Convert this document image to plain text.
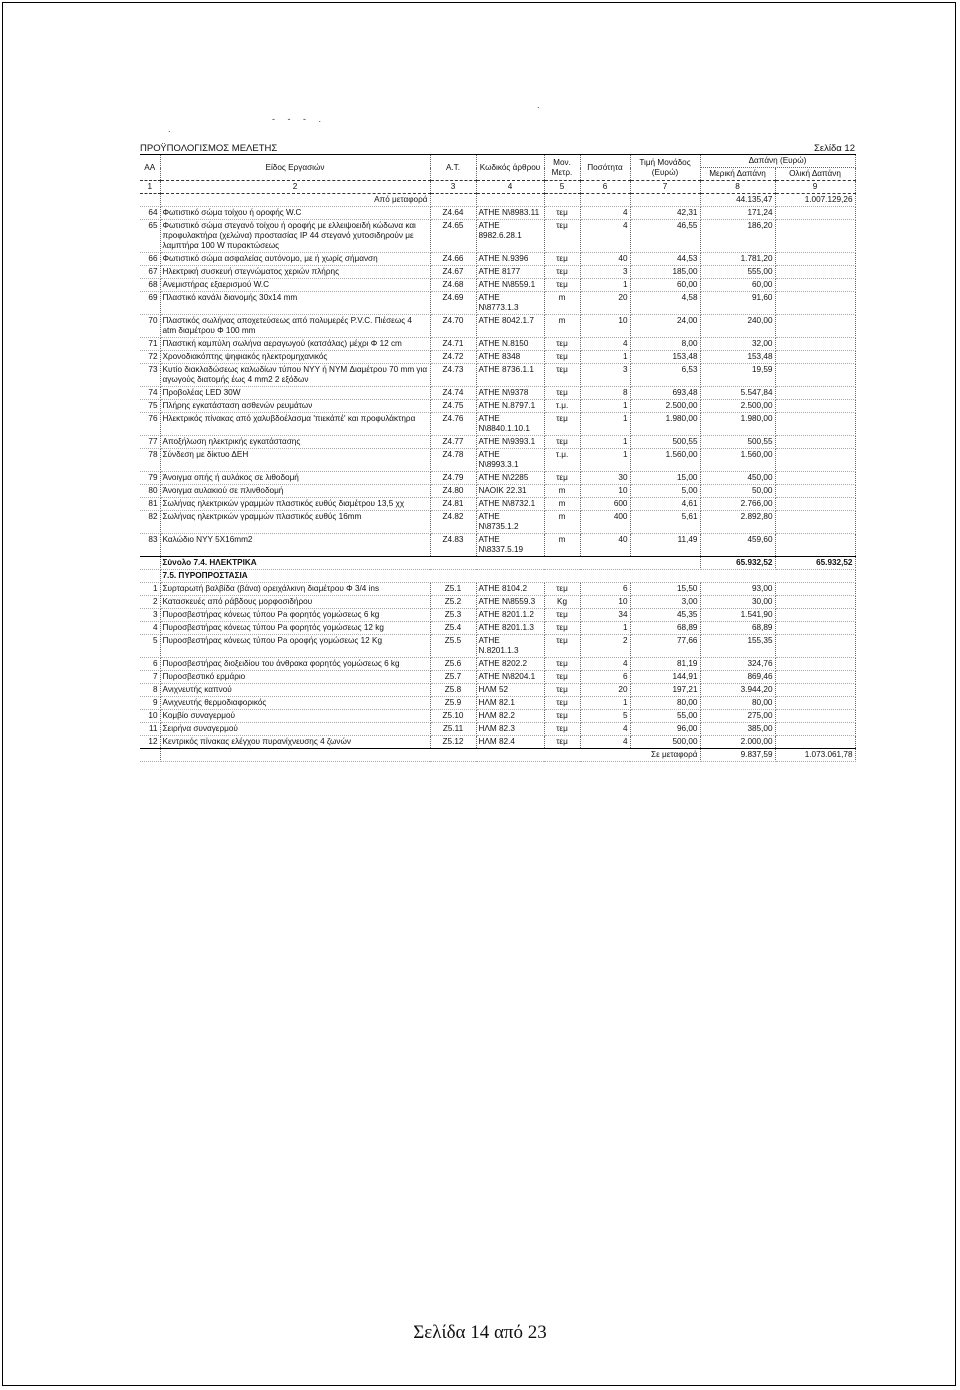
.
- - - .
.
ΠΡΟΫΠΟΛΟΓΙΣΜΟΣ ΜΕΛΕΤΗΣ	Σελίδα 12
ΑΑ	Είδος Εργασιών	Α.Τ.	Κωδικός άρθρου	Μον. Μετρ.	Ποσότητα	Τιμή Μονάδος (Ευρώ)	Δαπάνη (Ευρώ)	
							Μερική Δαπάνη	Ολική Δαπάνη
1	2	3	4	5	6	7	8	9
	Από μεταφορά						44.135,47	1.007.129,26
64	Φωτιστικό σώμα τοίχου ή οροφής W.C	Z4.64	ΑΤΗΕ Ν\8983.11	τεμ	4	42,31	171,24	
65	Φωτιστικό σώμα στεγανό τοίχου ή οροφής με ελλειψοειδή κώδωνα και προφυλακτήρα (χελώνα) προστασίας IP 44 στεγανό χυτοσιδηρούν με λαμπτήρα 100 W πυρακτώσεως	Z4.65	ΑΤΗΕ 8982.6.28.1	τεμ	4	46,55	186,20	
66	Φωτιστικό σώμα ασφαλείας αυτόνομο, με ή χωρίς σήμανση	Z4.66	ΑΤΗΕ Ν.9396	τεμ	40	44,53	1.781,20	
67	Ηλεκτρική συσκευή στεγνώματος χεριών πλήρης	Z4.67	ΑΤΗΕ 8177	τεμ	3	185,00	555,00	
68	Ανεμιστήρας εξαερισμού W.C	Z4.68	ΑΤΗΕ Ν\8559.1	τεμ	1	60,00	60,00	
69	Πλαστικό κανάλι διανομής 30x14 mm	Z4.69	ΑΤΗΕ Ν\8773.1.3	m	20	4,58	91,60	
70	Πλαστικός σωλήνας αποχετεύσεως από πολυμερές P.V.C. Πιέσεως 4 atm διαμέτρου Φ 100 mm	Z4.70	ΑΤΗΕ 8042.1.7	m	10	24,00	240,00	
71	Πλαστική καμπύλη σωλήνα αεραγωγού (κατσάλας) μέχρι Φ 12 cm	Z4.71	ΑΤΗΕ Ν.8150	τεμ	4	8,00	32,00	
72	Χρονοδιακόπτης ψηφιακός ηλεκτρομηχανικός	Z4.72	ΑΤΗΕ 8348	τεμ	1	153,48	153,48	
73	Κυτίο διακλαδώσεως καλωδίων τύπου NYY ή NYM Διαμέτρου 70 mm για αγωγούς διατομής έως 4 mm2 2 εξόδων	Z4.73	ΑΤΗΕ 8736.1.1	τεμ	3	6,53	19,59	
74	Προβολέας LED 30W	Z4.74	ΑΤΗΕ Ν\9378	τεμ	8	693,48	5.547,84	
75	Πλήρης εγκατάσταση ασθενών ρευμάτων	Z4.75	ΑΤΗΕ Ν.8797.1	τ.μ.	1	2.500,00	2.500,00	
76	Ηλεκτρικός πίνακας από χαλυβδοέλασμα 'πιεκάπέ' και προφυλάκτηρα	Z4.76	ΑΤΗΕ Ν\8840.1.10.1	τεμ	1	1.980,00	1.980,00	
77	Αποξήλωση ηλεκτρικής εγκατάστασης	Z4.77	ΑΤΗΕ Ν\9393.1	τεμ	1	500,55	500,55	
78	Σύνδεση με δίκτυο ΔΕΗ	Z4.78	ΑΤΗΕ Ν\8993.3.1	τ.μ.	1	1.560,00	1.560,00	
79	Άνοιγμα οπής ή αυλάκος σε λιθοδομή	Z4.79	ΑΤΗΕ Ν\2285	τεμ	30	15,00	450,00	
80	Άνοιγμα αυλακιού σε πλινθοδομή	Z4.80	ΝΑΟΙΚ 22.31	m	10	5,00	50,00	
81	Σωλήνας ηλεκτρικών γραμμών πλαστικός ευθύς διαμέτρου 13,5 χχ	Z4.81	ΑΤΗΕ Ν\8732.1	m	600	4,61	2.766,00	
82	Σωλήνας ηλεκτρικών γραμμών πλαστικός ευθύς 16mm	Z4.82	ΑΤΗΕ Ν\8735.1.2	m	400	5,61	2.892,80	
83	Καλώδιο NYY 5X16mm2	Z4.83	ΑΤΗΕ Ν\8337.5.19	m	40	11,49	459,60	
	Σύνολο 7.4. ΗΛΕΚΤΡΙΚΑ						65.932,52	65.932,52
	7.5. ΠΥΡΟΠΡΟΣΤΑΣΙΑ							
1	Συρταρωτή βαλβίδα (βάνα) ορειχάλκινη διαμέτρου Φ 3/4 ins	Z5.1	ΑΤΗΕ 8104.2	τεμ	6	15,50	93,00	
2	Κατασκευές από ράβδους μορφοσιδήρου	Z5.2	ΑΤΗΕ Ν\8559.3	Kg	10	3,00	30,00	
3	Πυροσβεστήρας κόνεως τύπου Pa φορητός γομώσεως 6 kg	Z5.3	ΑΤΗΕ 8201.1.2	τεμ	34	45,35	1.541,90	
4	Πυροσβεστήρας κόνεως τύπου Pa φορητός γομώσεως 12 kg	Z5.4	ΑΤΗΕ 8201.1.3	τεμ	1	68,89	68,89	
5	Πυροσβεστήρας κόνεως τύπου Pa οροφής γομώσεως 12 Kg	Z5.5	ΑΤΗΕ Ν.8201.1.3	τεμ	2	77,66	155,35	
6	Πυροσβεστήρας διοξειδίου του άνθρακα φορητός γομώσεως 6 kg	Z5.6	ΑΤΗΕ 8202.2	τεμ	4	81,19	324,76	
7	Πυροσβεστικό ερμάριο	Z5.7	ΑΤΗΕ Ν\8204.1	τεμ	6	144,91	869,46	
8	Ανιχνευτής καπνού	Z5.8	ΗΛΜ 52	τεμ	20	197,21	3.944,20	
9	Ανιχνευτής θερμοδιαφορικός	Z5.9	ΗΛΜ 82.1	τεμ	1	80,00	80,00	
10	Κομβίο συναγερμού	Z5.10	ΗΛΜ 82.2	τεμ	5	55,00	275,00	
11	Σειρήνα συναγερμού	Z5.11	ΗΛΜ 82.3	τεμ	4	96,00	385,00	
12	Κεντρικός πίνακας ελέγχου πυρανίχνευσης 4 ζωνών	Z5.12	ΗΛΜ 82.4	τεμ	4	500,00	2.000,00	
	Σε μεταφορά						9.837,59	1.073.061,78
Σελίδα 14 από 23
